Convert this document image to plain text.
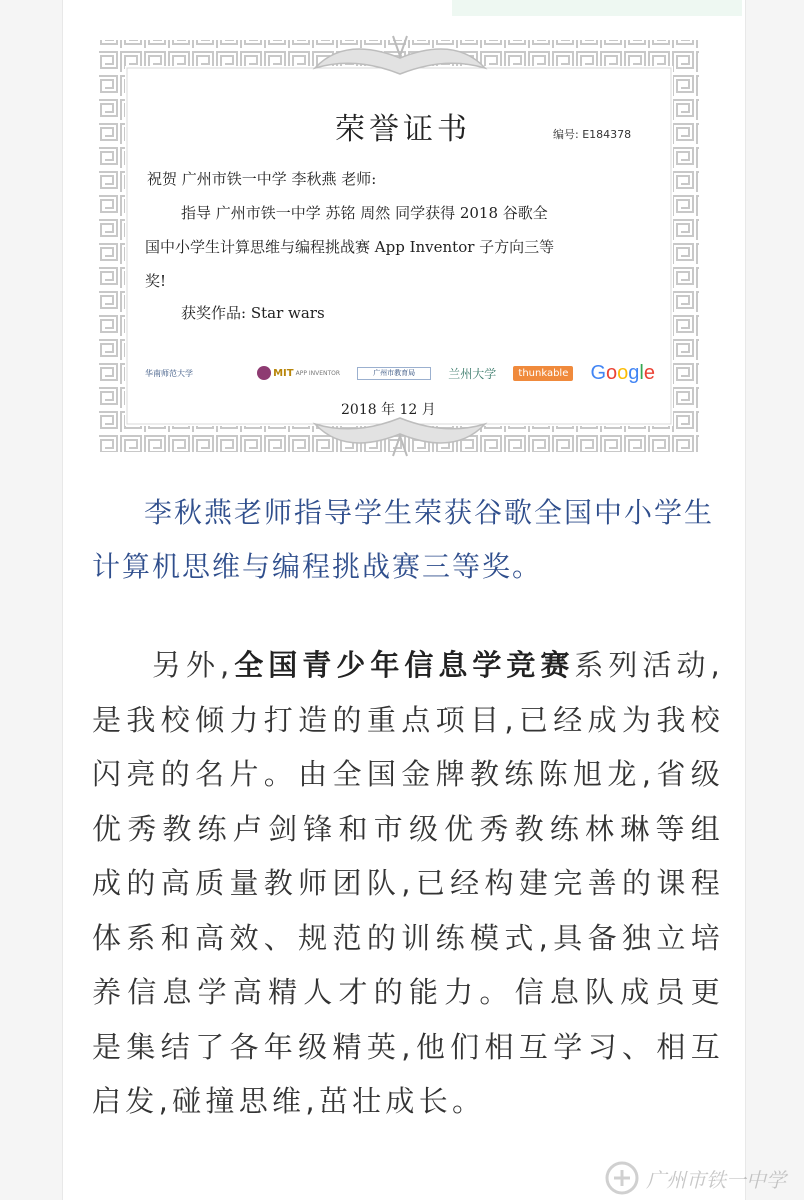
荣誉证书	编号: E184378
祝贺 广州市铁一中学 李秋燕 老师:
指导 广州市铁一中学 苏铭 周然 同学获得 2018 谷歌全
国中小学生计算思维与编程挑战赛 App Inventor 子方向三等
奖!
获奖作品: Star wars
华南师范大学	MIT APP INVENTOR	广州市教育局	兰州大学	thunkable Google
2018 年 12 月

李秋燕老师指导学生荣获谷歌全国中小学生计算机思维与编程挑战赛三等奖。

另外,全国青少年信息学竞赛系列活动,是我校倾力打造的重点项目,已经成为我校闪亮的名片。由全国金牌教练陈旭龙,省级优秀教练卢剑锋和市级优秀教练林琳等组成的高质量教师团队,已经构建完善的课程体系和高效、规范的训练模式,具备独立培养信息学高精人才的能力。信息队成员更是集结了各年级精英,他们相互学习、相互启发,碰撞思维,茁壮成长。

广州市铁一中学
